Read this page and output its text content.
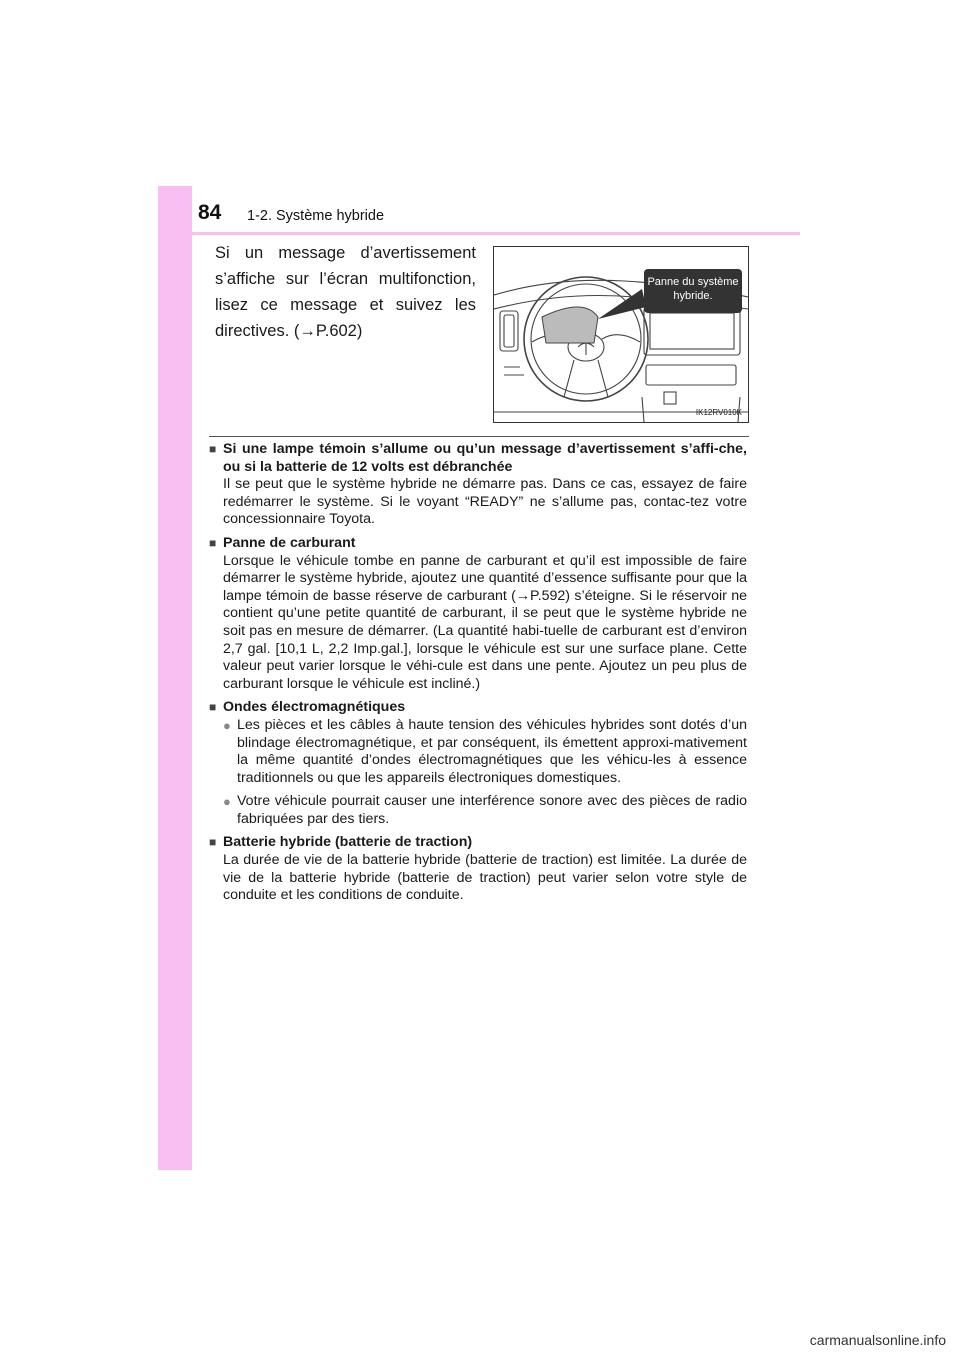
84 1-2. Système hybride

Si un message d’avertissement s’affiche sur l’écran multifonction, lisez ce message et suivez les directives. (→P.602)

Panne du système
hybride.
IK12RV010K
■ Si une lampe témoin s’allume ou qu’un message d’avertissement s’affi-che, ou si la batterie de 12 volts est débranchée
Il se peut que le système hybride ne démarre pas. Dans ce cas, essayez de faire redémarrer le système. Si le voyant “READY” ne s’allume pas, contac-tez votre concessionnaire Toyota.
■ Panne de carburant
Lorsque le véhicule tombe en panne de carburant et qu’il est impossible de faire démarrer le système hybride, ajoutez une quantité d’essence suffisante pour que la lampe témoin de basse réserve de carburant (→P.592) s’éteigne. Si le réservoir ne contient qu’une petite quantité de carburant, il se peut que le système hybride ne soit pas en mesure de démarrer. (La quantité habi-tuelle de carburant est d’environ 2,7 gal. [10,1 L, 2,2 Imp.gal.], lorsque le véhicule est sur une surface plane. Cette valeur peut varier lorsque le véhi-cule est dans une pente. Ajoutez un peu plus de carburant lorsque le véhicule est incliné.)
■ Ondes électromagnétiques
● Les pièces et les câbles à haute tension des véhicules hybrides sont dotés d’un blindage électromagnétique, et par conséquent, ils émettent approxi-mativement la même quantité d’ondes électromagnétiques que les véhicu-les à essence traditionnels ou que les appareils électroniques domestiques.
● Votre véhicule pourrait causer une interférence sonore avec des pièces de radio fabriquées par des tiers.
■ Batterie hybride (batterie de traction)
La durée de vie de la batterie hybride (batterie de traction) est limitée. La durée de vie de la batterie hybride (batterie de traction) peut varier selon votre style de conduite et les conditions de conduite.
carmanualsonline.info
